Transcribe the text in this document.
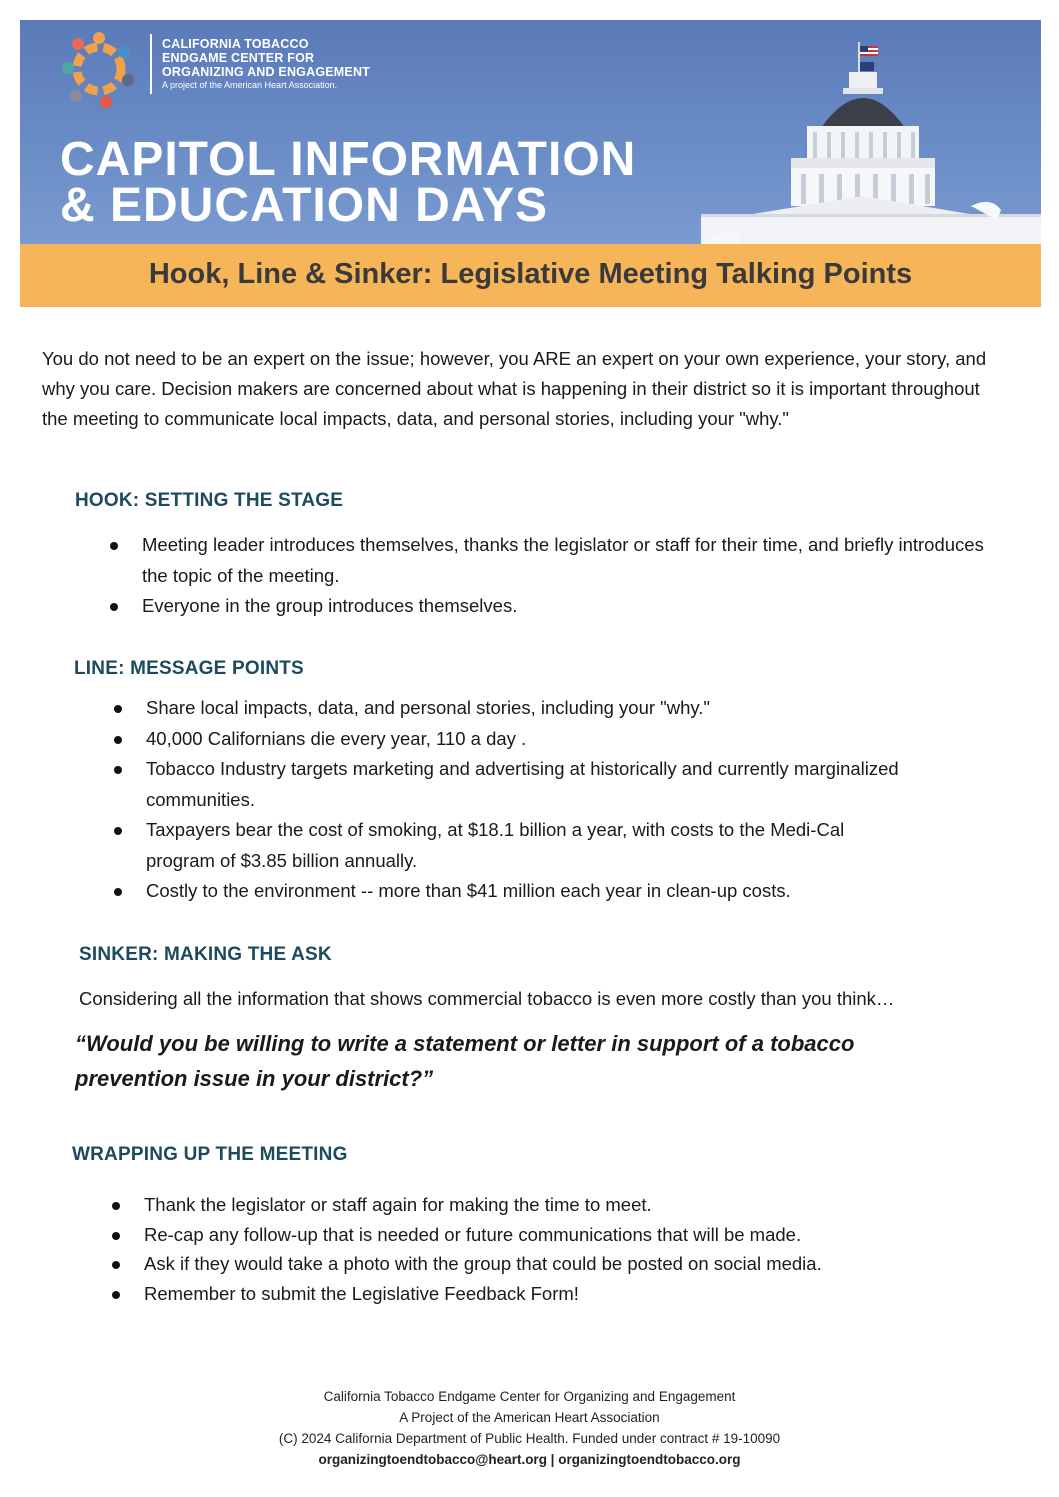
CALIFORNIA TOBACCO
ENDGAME CENTER FOR
ORGANIZING AND ENGAGEMENT
A project of the American Heart Association.
CAPITOL INFORMATION
& EDUCATION DAYS
Hook, Line & Sinker: Legislative Meeting Talking Points
You do not need to be an expert on the issue; however, you ARE an expert on your own experience, your story, and why you care. Decision makers are concerned about what is happening in their district so it is important throughout the meeting to communicate local impacts, data, and personal stories, including your "why."
HOOK: SETTING THE STAGE
Meeting leader introduces themselves, thanks the legislator or staff for their time, and briefly introduces the topic of the meeting.
Everyone in the group introduces themselves.
LINE: MESSAGE POINTS
Share local impacts, data, and personal stories, including your "why."
40,000 Californians die every year, 110 a day .
Tobacco Industry targets marketing and advertising at historically and currently marginalized communities.
Taxpayers bear the cost of smoking, at $18.1 billion a year, with costs to the Medi-Cal program of $3.85 billion annually.
Costly to the environment -- more than $41 million each year in clean-up costs.
SINKER: MAKING THE ASK
Considering all the information that shows commercial tobacco is even more costly than you think…
“Would you be willing to write a statement or letter in support of a tobacco prevention issue in your district?”
WRAPPING UP THE MEETING
Thank the legislator or staff again for making the time to meet.
Re-cap any follow-up that is needed or future communications that will be made.
Ask if they would take a photo with the group that could be posted on social media.
Remember to submit the Legislative Feedback Form!
California Tobacco Endgame Center for Organizing and Engagement
A Project of the American Heart Association
(C) 2024 California Department of Public Health. Funded under contract # 19-10090
organizingtoendtobacco@heart.org | organizingtoendtobacco.org
